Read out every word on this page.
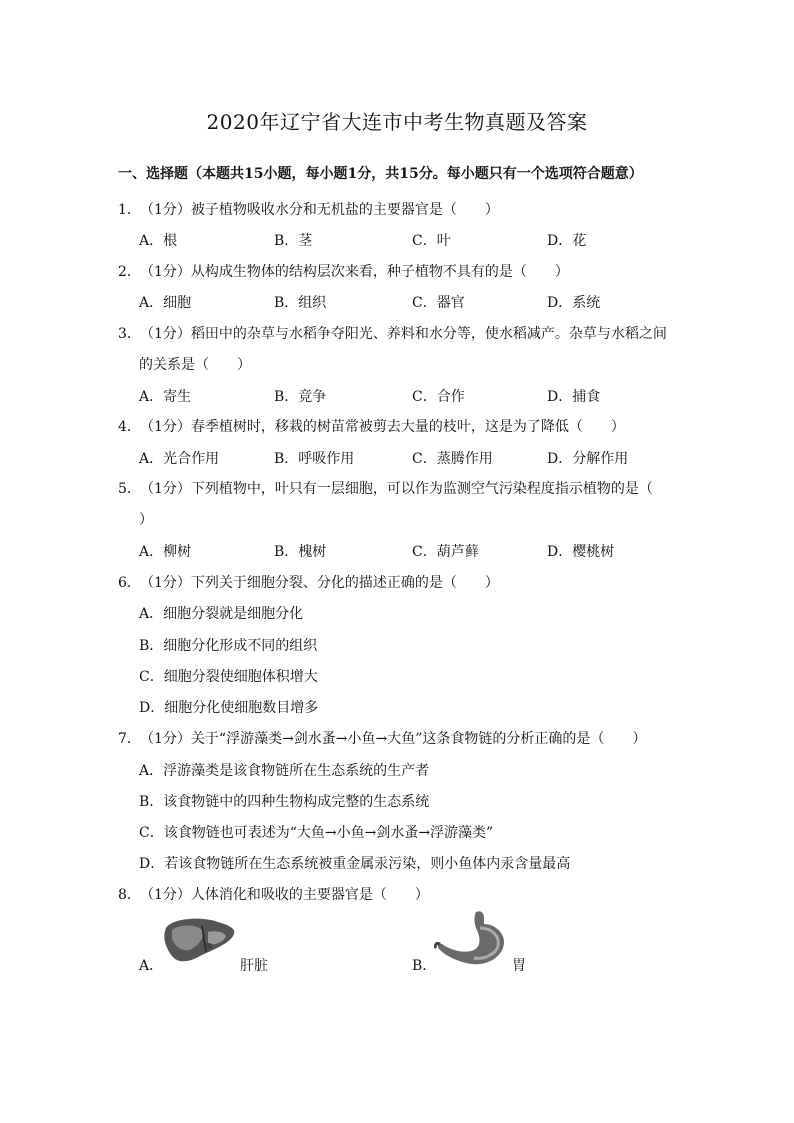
2020年辽宁省大连市中考生物真题及答案
一、选择题（本题共15小题，每小题1分，共15分。每小题只有一个选项符合题意）
1．（1分）被子植物吸收水分和无机盐的主要器官是（　　）
A．根	B．茎	C．叶	D．花
2．（1分）从构成生物体的结构层次来看，种子植物不具有的是（　　）
A．细胞	B．组织	C．器官	D．系统
3．（1分）稻田中的杂草与水稻争夺阳光、养料和水分等，使水稻减产。杂草与水稻之间
的关系是（　　）
A．寄生	B．竞争	C．合作	D．捕食
4．（1分）春季植树时，移栽的树苗常被剪去大量的枝叶，这是为了降低（　　）
A．光合作用	B．呼吸作用	C．蒸腾作用	D．分解作用
5．（1分）下列植物中，叶只有一层细胞，可以作为监测空气污染程度指示植物的是（
）
A．柳树	B．槐树	C．葫芦藓	D．樱桃树
6．（1分）下列关于细胞分裂、分化的描述正确的是（　　）
A．细胞分裂就是细胞分化
B．细胞分化形成不同的组织
C．细胞分裂使细胞体积增大
D．细胞分化使细胞数目增多
7．（1分）关于“浮游藻类→剑水蚤→小鱼→大鱼”这条食物链的分析正确的是（　　）
A．浮游藻类是该食物链所在生态系统的生产者
B．该食物链中的四种生物构成完整的生态系统
C．该食物链也可表述为“大鱼→小鱼→剑水蚤→浮游藻类”
D．若该食物链所在生态系统被重金属汞污染，则小鱼体内汞含量最高
8．（1分）人体消化和吸收的主要器官是（　　）
A．	肝脏	B．	胃
